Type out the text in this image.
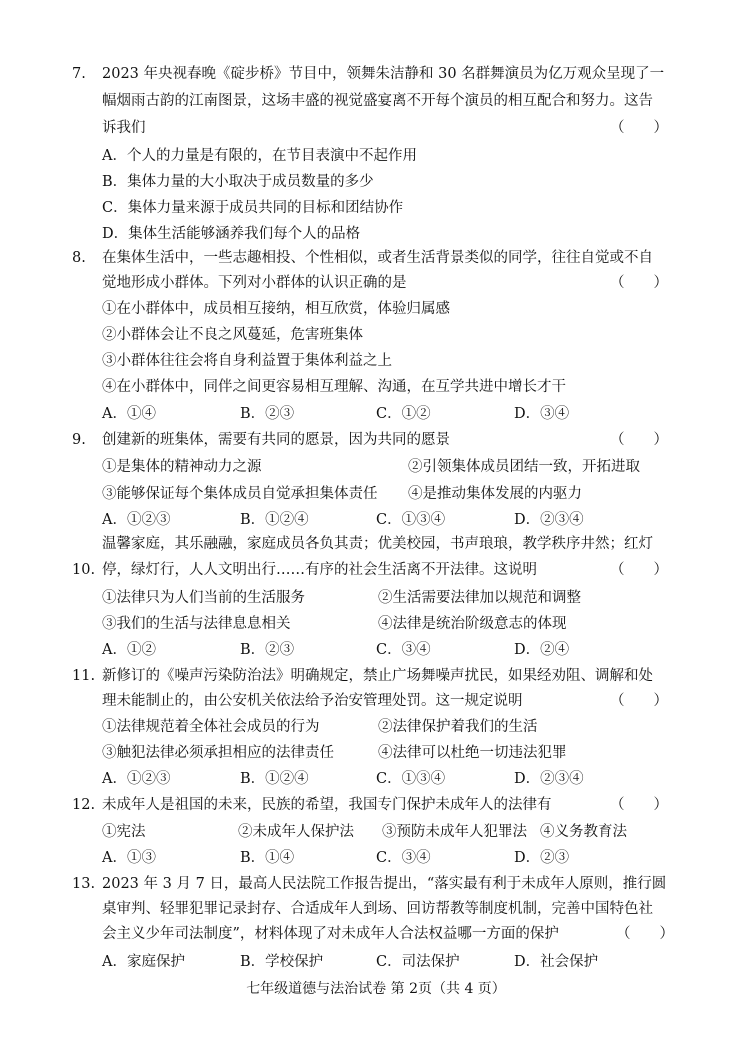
7. 2023 年央视春晚《碇步桥》节目中，领舞朱洁静和 30 名群舞演员为亿万观众呈现了一
幅烟雨古韵的江南图景，这场丰盛的视觉盛宴离不开每个演员的相互配合和努力。这告
诉我们	（　　）
A．个人的力量是有限的，在节目表演中不起作用
B．集体力量的大小取决于成员数量的多少
C．集体力量来源于成员共同的目标和团结协作
D．集体生活能够涵养我们每个人的品格
8. 在集体生活中，一些志趣相投、个性相似，或者生活背景类似的同学，往往自觉或不自
觉地形成小群体。下列对小群体的认识正确的是	（　　）
①在小群体中，成员相互接纳，相互欣赏，体验归属感
②小群体会让不良之风蔓延，危害班集体
③小群体往往会将自身利益置于集体利益之上
④在小群体中，同伴之间更容易相互理解、沟通，在互学共进中增长才干
A．①④	B．②③	C．①②	D．③④
9. 创建新的班集体，需要有共同的愿景，因为共同的愿景	（　　）
①是集体的精神动力之源	②引领集体成员团结一致，开拓进取
③能够保证每个集体成员自觉承担集体责任 ④是推动集体发展的内驱力
A．①②③	B．①②④	C．①③④	D．②③④
10.
温馨家庭，其乐融融，家庭成员各负其责；优美校园，书声琅琅，教学秩序井然；红灯
停，绿灯行，人人文明出行……有序的社会生活离不开法律。这说明	（　　）
①法律只为人们当前的生活服务	②生活需要法律加以规范和调整
③我们的生活与法律息息相关	④法律是统治阶级意志的体现
A．①②	B．②③	C．③④	D．②④
11. 新修订的《噪声污染防治法》明确规定，禁止广场舞噪声扰民，如果经劝阻、调解和处
理未能制止的，由公安机关依法给予治安管理处罚。这一规定说明	（　　）
①法律规范着全体社会成员的行为	②法律保护着我们的生活
③触犯法律必须承担相应的法律责任	④法律可以杜绝一切违法犯罪
A．①②③	B．①②④	C．①③④	D．②③④
12. 未成年人是祖国的未来，民族的希望，我国专门保护未成年人的法律有	（　　）
①宪法	②未成年人保护法 ③预防未成年人犯罪法 ④义务教育法
A．①③	B．①④	C．③④	D．②③
13. 2023 年 3 月 7 日，最高人民法院工作报告提出，“落实最有利于未成年人原则，推行圆
桌审判、轻罪犯罪记录封存、合适成年人到场、回访帮教等制度机制，完善中国特色社
会主义少年司法制度”，材料体现了对未成年人合法权益哪一方面的保护	（　　）
A．家庭保护	B．学校保护	C．司法保护	D．社会保护
七年级道德与法治试卷 第 2页（共 4 页）
